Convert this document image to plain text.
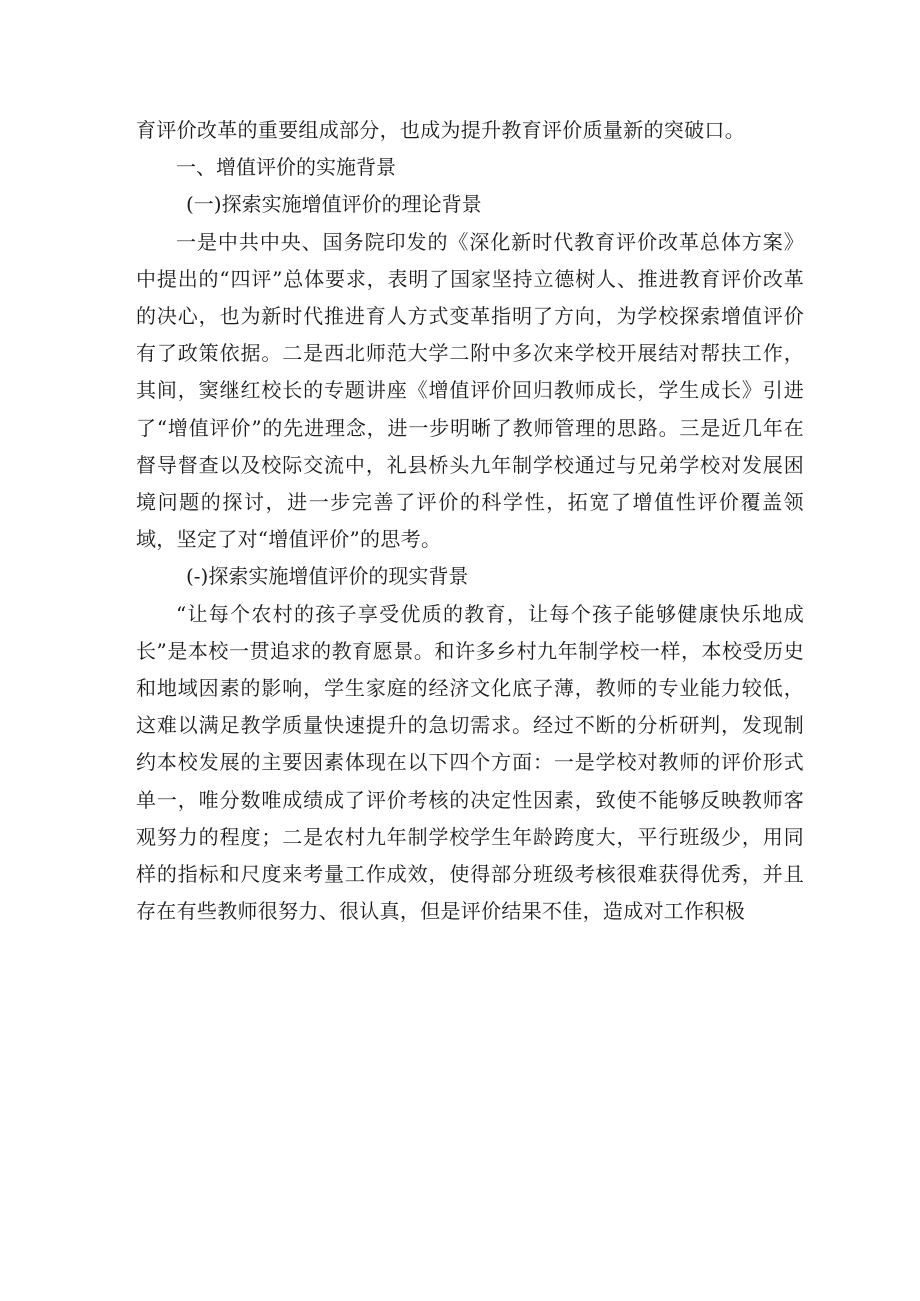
育评价改革的重要组成部分，也成为提升教育评价质量新的突破口。

一、增值评价的实施背景

(一)探索实施增值评价的理论背景

一是中共中央、国务院印发的《深化新时代教育评价改革总体方案》中提出的“四评”总体要求，表明了国家坚持立德树人、推进教育评价改革的决心，也为新时代推进育人方式变革指明了方向，为学校探索增值评价有了政策依据。二是西北师范大学二附中多次来学校开展结对帮扶工作，其间，窦继红校长的专题讲座《增值评价回归教师成长，学生成长》引进了“增值评价”的先进理念，进一步明晰了教师管理的思路。三是近几年在督导督查以及校际交流中，礼县桥头九年制学校通过与兄弟学校对发展困境问题的探讨，进一步完善了评价的科学性，拓宽了增值性评价覆盖领域，坚定了对“增值评价”的思考。

(-)探索实施增值评价的现实背景

“让每个农村的孩子享受优质的教育，让每个孩子能够健康快乐地成长”是本校一贯追求的教育愿景。和许多乡村九年制学校一样，本校受历史和地域因素的影响，学生家庭的经济文化底子薄，教师的专业能力较低，这难以满足教学质量快速提升的急切需求。经过不断的分析研判，发现制约本校发展的主要因素体现在以下四个方面：一是学校对教师的评价形式单一，唯分数唯成绩成了评价考核的决定性因素，致使不能够反映教师客观努力的程度；二是农村九年制学校学生年龄跨度大，平行班级少，用同样的指标和尺度来考量工作成效，使得部分班级考核很难获得优秀，并且存在有些教师很努力、很认真，但是评价结果不佳，造成对工作积极
